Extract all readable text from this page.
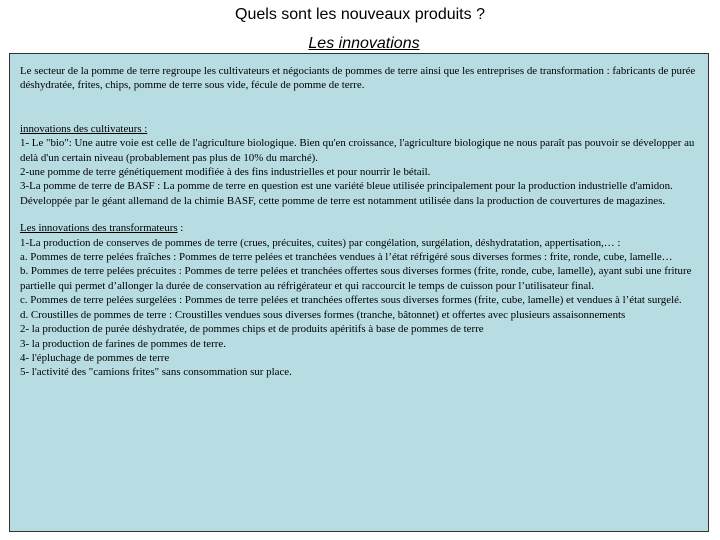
Quels sont les nouveaux produits ?
Les innovations

Le secteur de la pomme de terre regroupe les cultivateurs et négociants de pommes de terre ainsi que les entreprises de transformation : fabricants de purée déshydratée, frites, chips, pomme de terre sous vide, fécule de pomme de terre.

innovations des cultivateurs :

1- Le "bio": Une autre voie est celle de l'agriculture biologique. Bien qu'en croissance, l'agriculture biologique ne nous paraît pas pouvoir se développer au delà d'un certain niveau (probablement pas plus de 10% du marché).

2-une pomme de terre génétiquement modifiée à des fins industrielles et pour nourrir le bétail.

3-La pomme de terre de BASF : La pomme de terre en question est une variété bleue utilisée principalement pour la production industrielle d'amidon. Développée par le géant allemand de la chimie BASF, cette pomme de terre est notamment utilisée dans la production de couvertures de magazines.

Les innovations des transformateurs :

1-La production de conserves de pommes de terre (crues, précuites, cuites) par congélation, surgélation, déshydratation, appertisation,… :

a. Pommes de terre pelées fraîches : Pommes de terre pelées et tranchées vendues à l’état réfrigéré sous diverses formes : frite, ronde, cube, lamelle…

b. Pommes de terre pelées précuites : Pommes de terre pelées et tranchées offertes sous diverses formes (frite, ronde, cube, lamelle), ayant subi une friture

partielle qui permet d’allonger la durée de conservation au réfrigérateur et qui raccourcit le temps de cuisson pour l’utilisateur final.

c. Pommes de terre pelées surgelées : Pommes de terre pelées et tranchées offertes sous diverses formes (frite, cube, lamelle) et vendues à l’état surgelé.

d. Croustilles de pommes de terre : Croustilles vendues sous diverses formes (tranche, bâtonnet) et offertes avec plusieurs assaisonnements

2- la production de purée déshydratée, de pommes chips et de produits apéritifs à base de pommes de terre

3- la production de farines de pommes de terre.

4- l'épluchage de pommes de terre

5- l'activité des "camions frites" sans consommation sur place.
